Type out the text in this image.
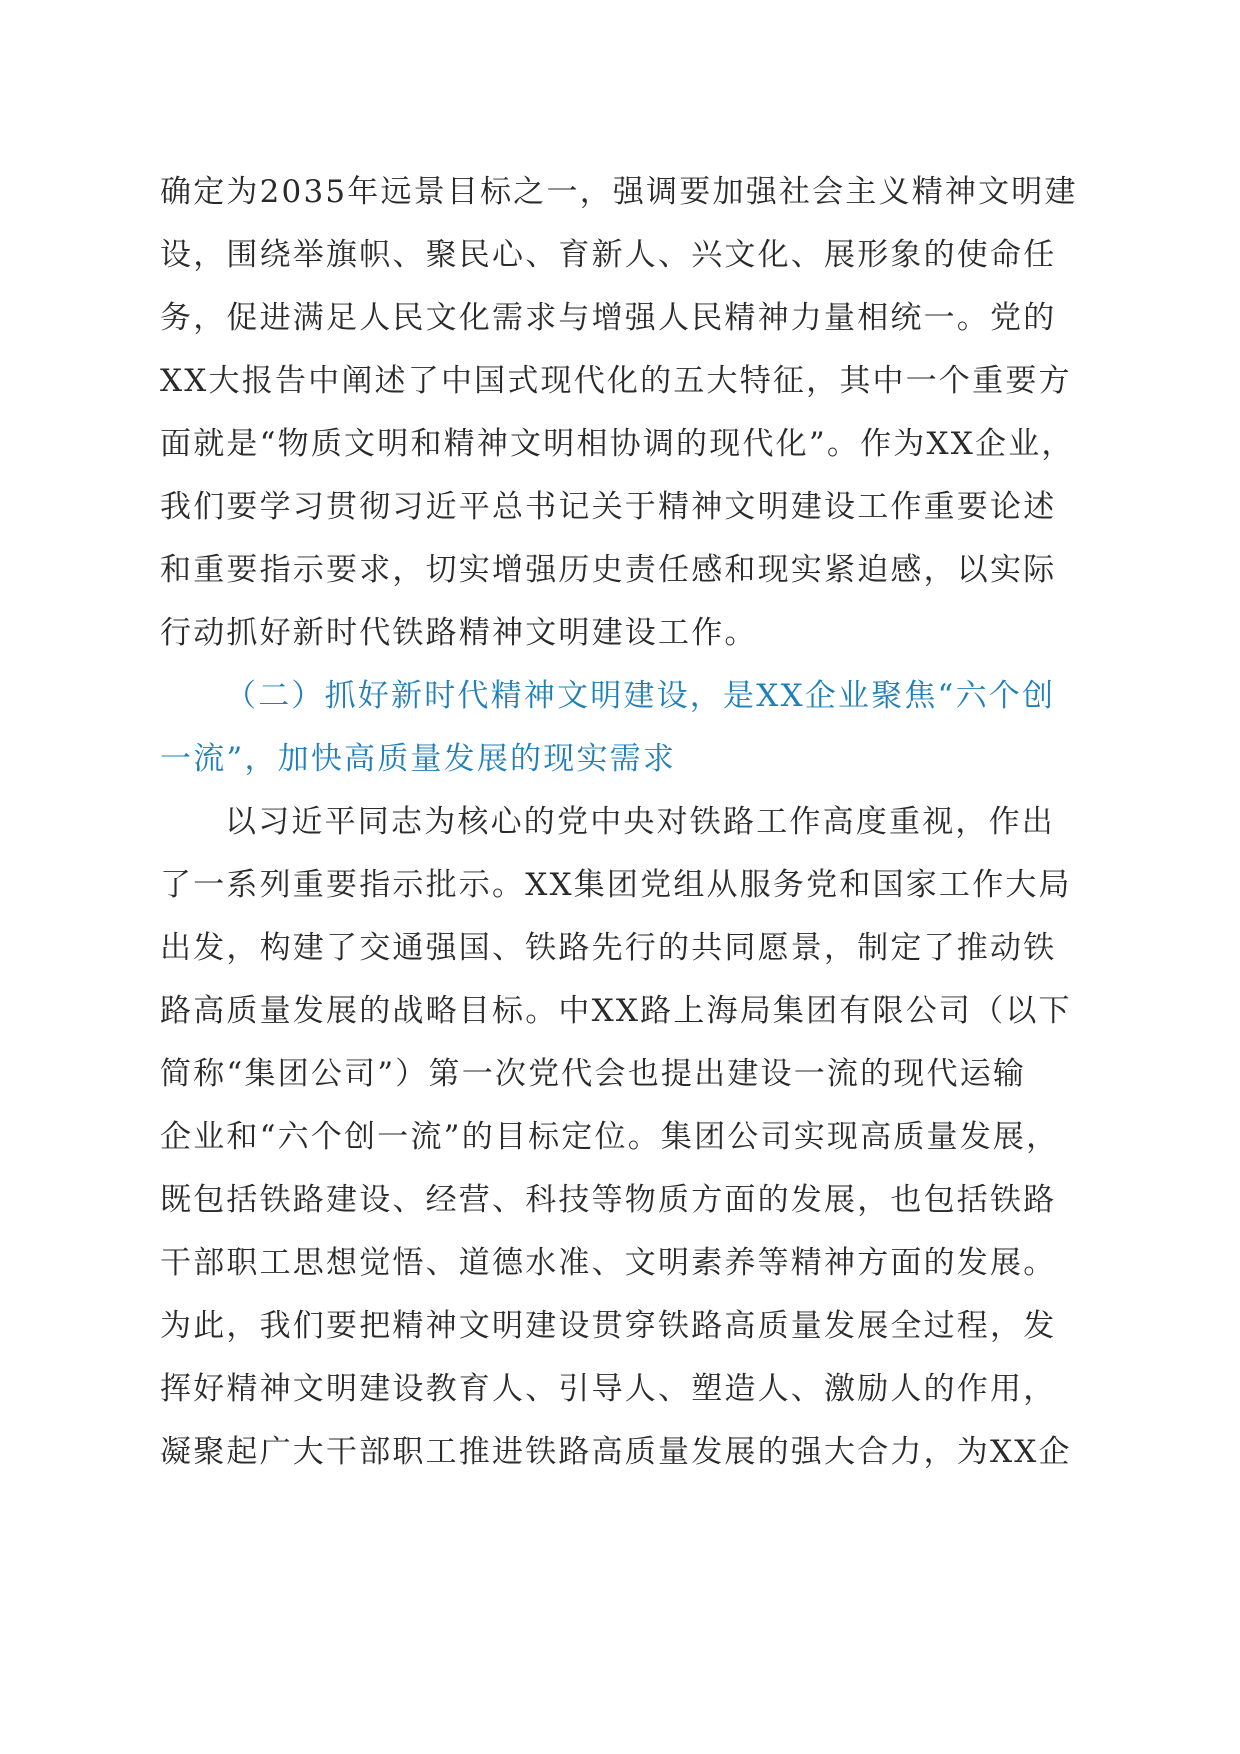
确定为2035年远景目标之一，强调要加强社会主义精神文明建
设，围绕举旗帜、聚民心、育新人、兴文化、展形象的使命任
务，促进满足人民文化需求与增强人民精神力量相统一。党的
XX大报告中阐述了中国式现代化的五大特征，其中一个重要方
面就是“物质文明和精神文明相协调的现代化”。作为XX企业，
我们要学习贯彻习近平总书记关于精神文明建设工作重要论述
和重要指示要求，切实增强历史责任感和现实紧迫感，以实际
行动抓好新时代铁路精神文明建设工作。
（二）抓好新时代精神文明建设，是XX企业聚焦“六个创
一流”，加快高质量发展的现实需求
以习近平同志为核心的党中央对铁路工作高度重视，作出
了一系列重要指示批示。XX集团党组从服务党和国家工作大局
出发，构建了交通强国、铁路先行的共同愿景，制定了推动铁
路高质量发展的战略目标。中XX路上海局集团有限公司（以下
简称“集团公司”）第一次党代会也提出建设一流的现代运输
企业和“六个创一流”的目标定位。集团公司实现高质量发展，
既包括铁路建设、经营、科技等物质方面的发展，也包括铁路
干部职工思想觉悟、道德水准、文明素养等精神方面的发展。
为此，我们要把精神文明建设贯穿铁路高质量发展全过程，发
挥好精神文明建设教育人、引导人、塑造人、激励人的作用，
凝聚起广大干部职工推进铁路高质量发展的强大合力，为XX企
